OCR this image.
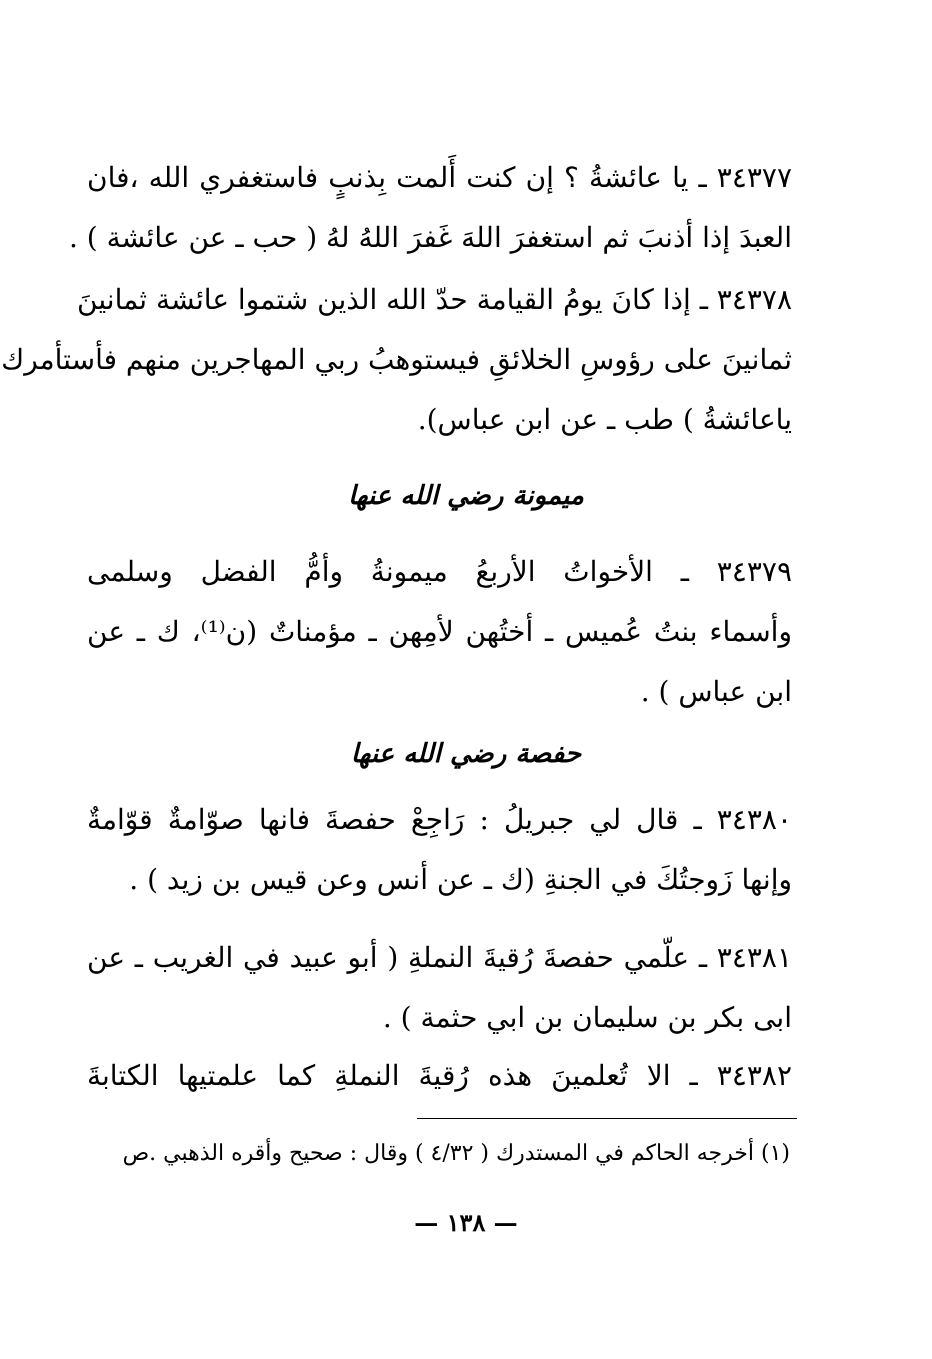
٣٤٣٧٧ ـ يا عائشةُ ؟ إن كنت أَلمت بِذنبٍ فاستغفري الله ،فان
العبدَ إذا أذنبَ ثم استغفرَ اللهَ غَفرَ اللهُ لهُ ( حب ـ عن عائشة ) .
٣٤٣٧٨ ـ إذا كانَ يومُ القيامة حدّ الله الذين شتموا عائشة ثمانينَ
ثمانينَ على رؤوسِ الخلائقِ فيستوهبُ ربي المهاجرين منهم فأستأمرك
ياعائشةُ ) طب ـ عن ابن عباس).
ميمونة رضي الله عنها
٣٤٣٧٩ ـ الأخواتُ الأربعُ ميمونةُ وأمُّ الفضل وسلمى
وأسماء بنتُ عُميس ـ أختُهن لأمِهن ـ مؤمناتٌ (ن⁽¹⁾، ك ـ عن
ابن عباس ) .
حفصة رضي الله عنها
٣٤٣٨٠ ـ قال لي جبريلُ : رَاجِعْ حفصةَ فانها صوّامةٌ قوّامةٌ
وإنها زَوجتُكَ في الجنةِ (ك ـ عن أنس وعن قيس بن زيد ) .
٣٤٣٨١ ـ علّمي حفصةَ رُقيةَ النملةِ ( أبو عبيد في الغريب ـ عن
ابى بكر بن سليمان بن ابي حثمة ) .
٣٤٣٨٢ ـ الا تُعلمينَ هذه رُقيةَ النملةِ كما علمتيها الكتابةَ
(١) أخرجه الحاكم في المستدرك ( ٤/٣٢ ) وقال : صحيح وأقره الذهبي .ص
— ١٣٨ —
